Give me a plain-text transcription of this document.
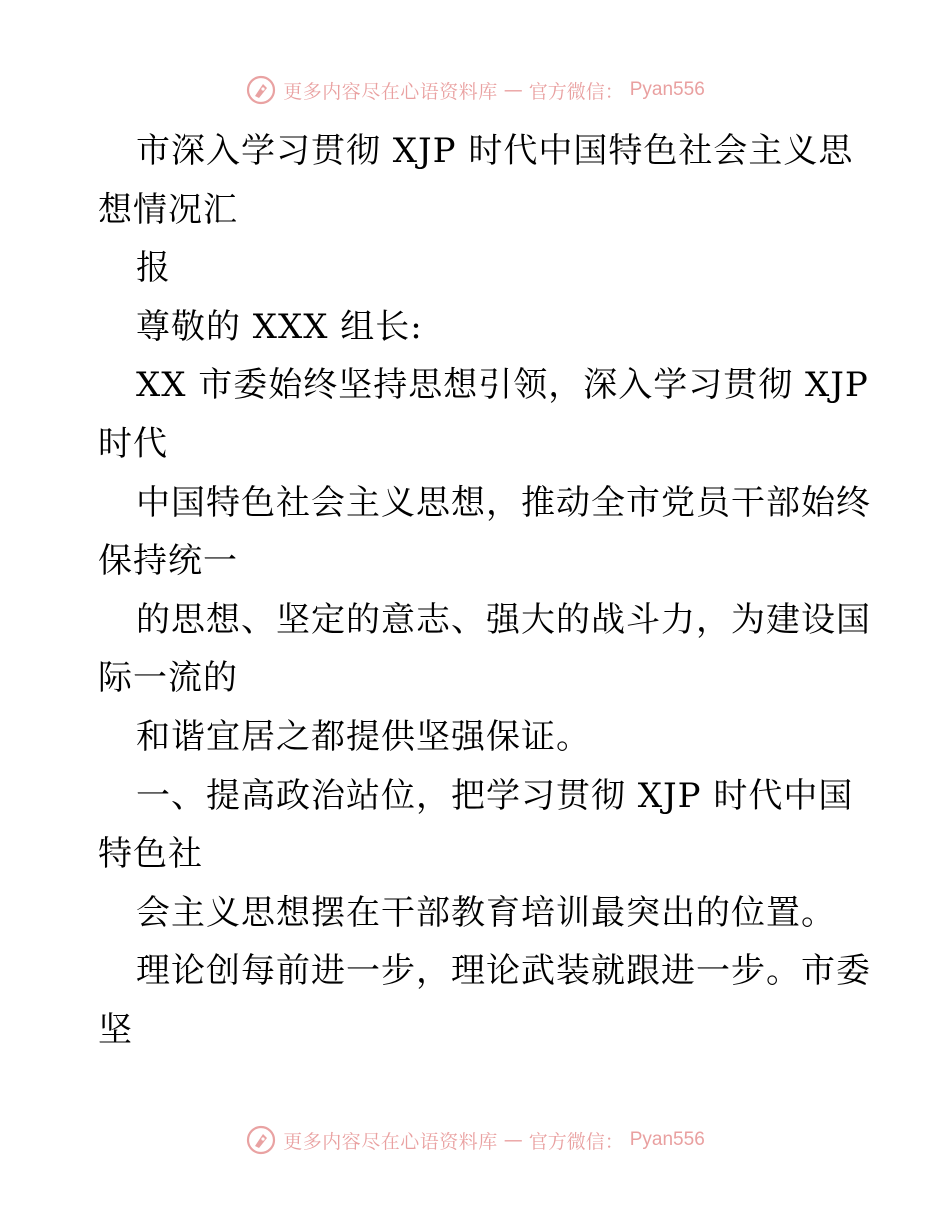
更多内容尽在心语资料库 — 官方微信： Pyan556
市深入学习贯彻 XJP 时代中国特色社会主义思
想情况汇
报
尊敬的 XXX 组长:
XX 市委始终坚持思想引领，深入学习贯彻 XJP
时代
中国特色社会主义思想，推动全市党员干部始终
保持统一
的思想、坚定的意志、强大的战斗力，为建设国
际一流的
和谐宜居之都提供坚强保证。
一、提高政治站位，把学习贯彻 XJP 时代中国
特色社
会主义思想摆在干部教育培训最突出的位置。
理论创每前进一步，理论武装就跟进一步。市委
坚
更多内容尽在心语资料库 — 官方微信： Pyan556
